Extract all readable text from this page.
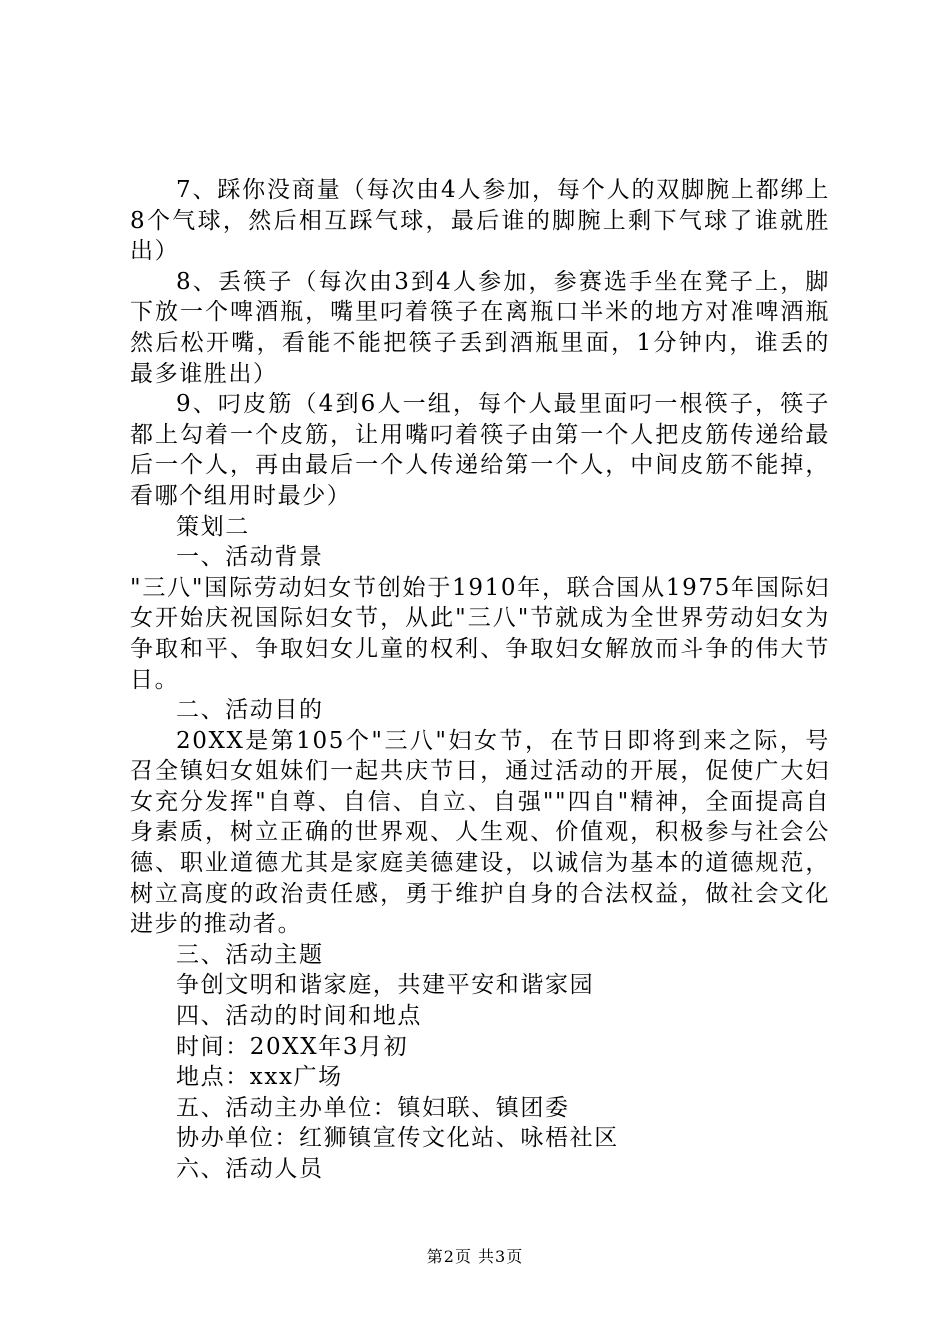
7、踩你没商量（每次由4人参加，每个人的双脚腕上都绑上8个气球，然后相互踩气球，最后谁的脚腕上剩下气球了谁就胜出）

8、丢筷子（每次由3到4人参加，参赛选手坐在凳子上，脚下放一个啤酒瓶，嘴里叼着筷子在离瓶口半米的地方对准啤酒瓶然后松开嘴，看能不能把筷子丢到酒瓶里面，1分钟内，谁丢的最多谁胜出）

9、叼皮筋（4到6人一组，每个人最里面叼一根筷子，筷子都上勾着一个皮筋，让用嘴叼着筷子由第一个人把皮筋传递给最后一个人，再由最后一个人传递给第一个人，中间皮筋不能掉，看哪个组用时最少）

策划二

一、活动背景

"三八"国际劳动妇女节创始于1910年，联合国从1975年国际妇女开始庆祝国际妇女节，从此"三八"节就成为全世界劳动妇女为争取和平、争取妇女儿童的权利、争取妇女解放而斗争的伟大节日。

二、活动目的

20XX是第105个"三八"妇女节，在节日即将到来之际，号召全镇妇女姐妹们一起共庆节日，通过活动的开展，促使广大妇女充分发挥"自尊、自信、自立、自强""四自"精神，全面提高自身素质，树立正确的世界观、人生观、价值观，积极参与社会公德、职业道德尤其是家庭美德建设，以诚信为基本的道德规范，树立高度的政治责任感，勇于维护自身的合法权益，做社会文化进步的推动者。

三、活动主题

争创文明和谐家庭，共建平安和谐家园

四、活动的时间和地点

时间：20XX年3月初

地点：xxx广场

五、活动主办单位：镇妇联、镇团委

协办单位：红狮镇宣传文化站、咏梧社区

六、活动人员

第2页 共3页
